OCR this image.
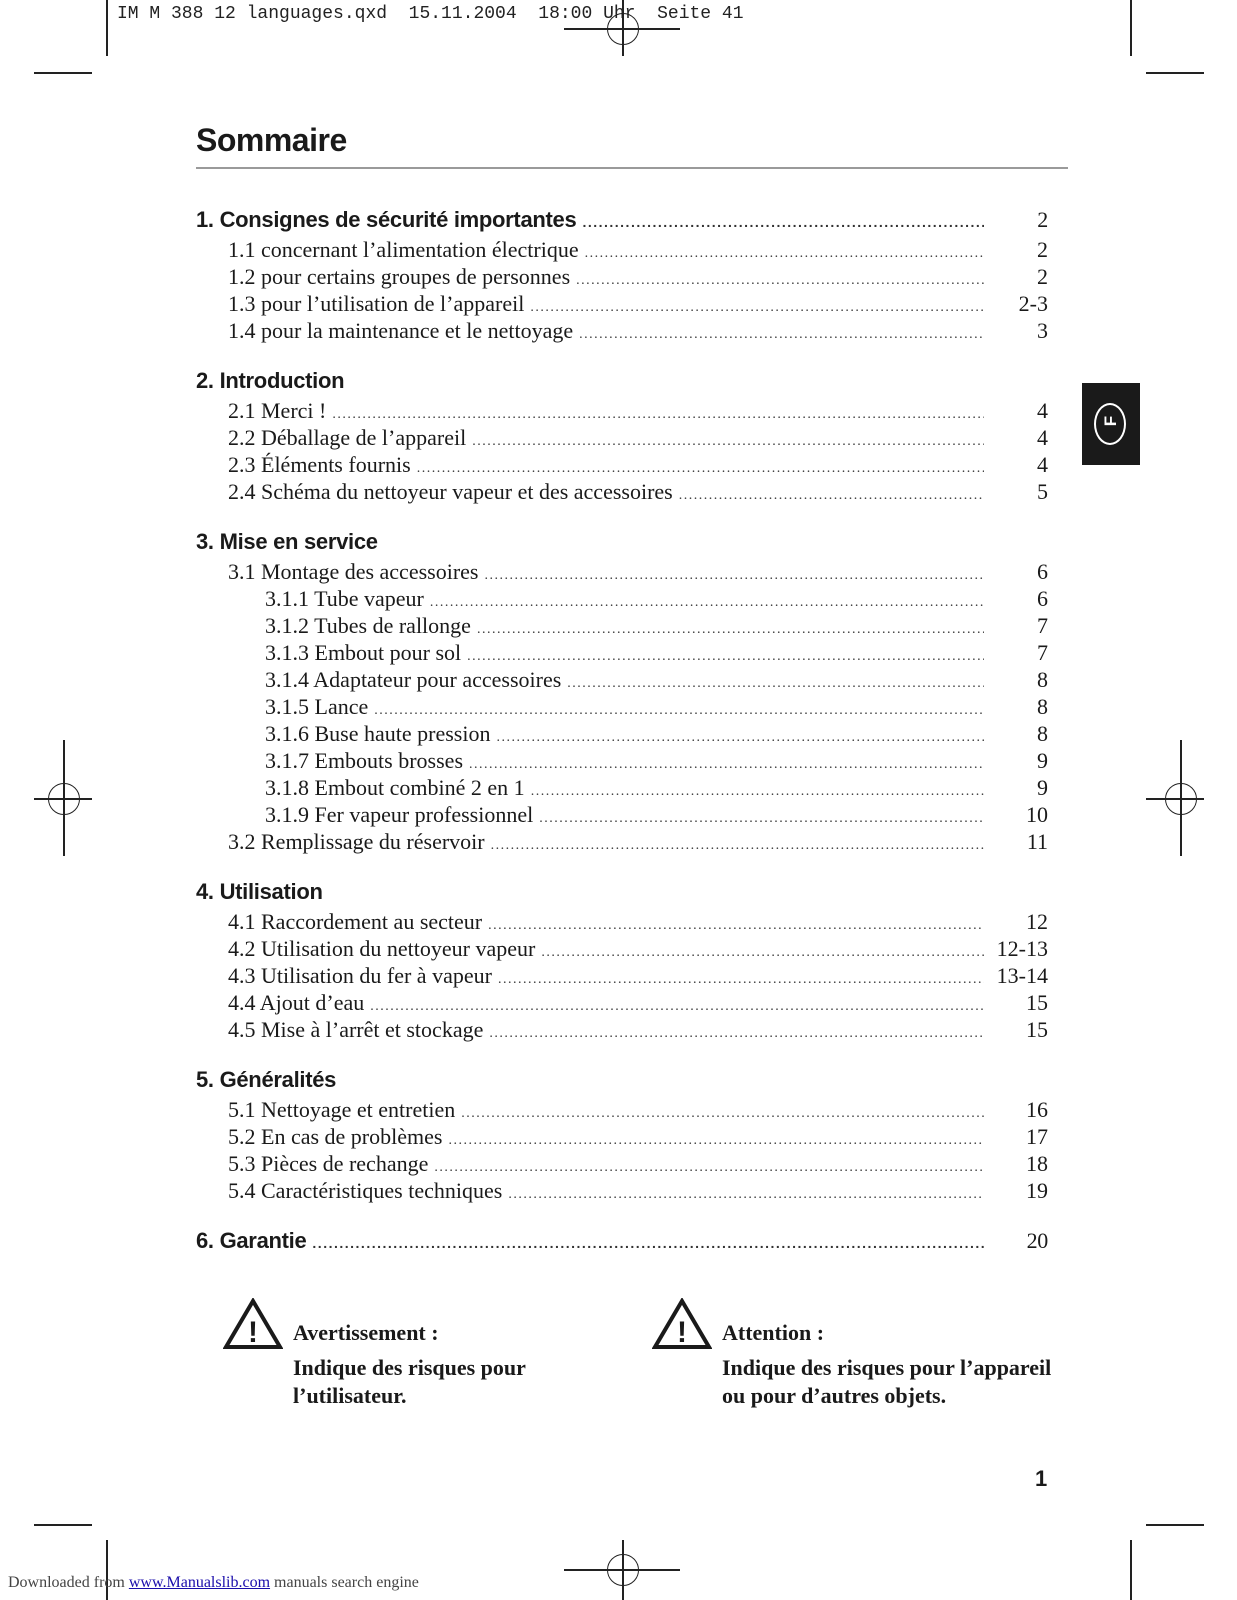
IM M 388 12 languages.qxd  15.11.2004  18:00 Uhr  Seite 41
Sommaire
1. Consignes de sécurité importantes .....	2
1.1 concernant l’alimentation électrique .....	2
1.2 pour certains groupes de personnes .....	2
1.3 pour l’utilisation de l’appareil .....	2-3
1.4 pour la maintenance et le nettoyage .....	3
2. Introduction
2.1 Merci ! .....	4
2.2 Déballage de l’appareil .....	4
2.3 Éléments fournis .....	4
2.4 Schéma du nettoyeur vapeur et des accessoires .....	5
3. Mise en service
3.1 Montage des accessoires .....	6
3.1.1 Tube vapeur .....	6
3.1.2 Tubes de rallonge .....	7
3.1.3 Embout pour sol .....	7
3.1.4 Adaptateur pour accessoires .....	8
3.1.5 Lance .....	8
3.1.6 Buse haute pression .....	8
3.1.7 Embouts brosses .....	9
3.1.8 Embout combiné 2 en 1 .....	9
3.1.9 Fer vapeur professionnel .....	10
3.2 Remplissage du réservoir .....	11
4. Utilisation
4.1 Raccordement au secteur .....	12
4.2 Utilisation du nettoyeur vapeur .....	12-13
4.3 Utilisation du fer à vapeur .....	13-14
4.4 Ajout d’eau .....	15
4.5 Mise à l’arrêt et stockage .....	15
5. Généralités
5.1 Nettoyage et entretien .....	16
5.2 En cas de problèmes .....	17
5.3 Pièces de rechange .....	18
5.4 Caractéristiques techniques .....	19
6. Garantie .....	20
F
! Avertissement :
Indique des risques pour
l’utilisateur.
! Attention :
Indique des risques pour l’appareil
ou pour d’autres objets.
1
Downloaded from www.Manualslib.com manuals search engine
